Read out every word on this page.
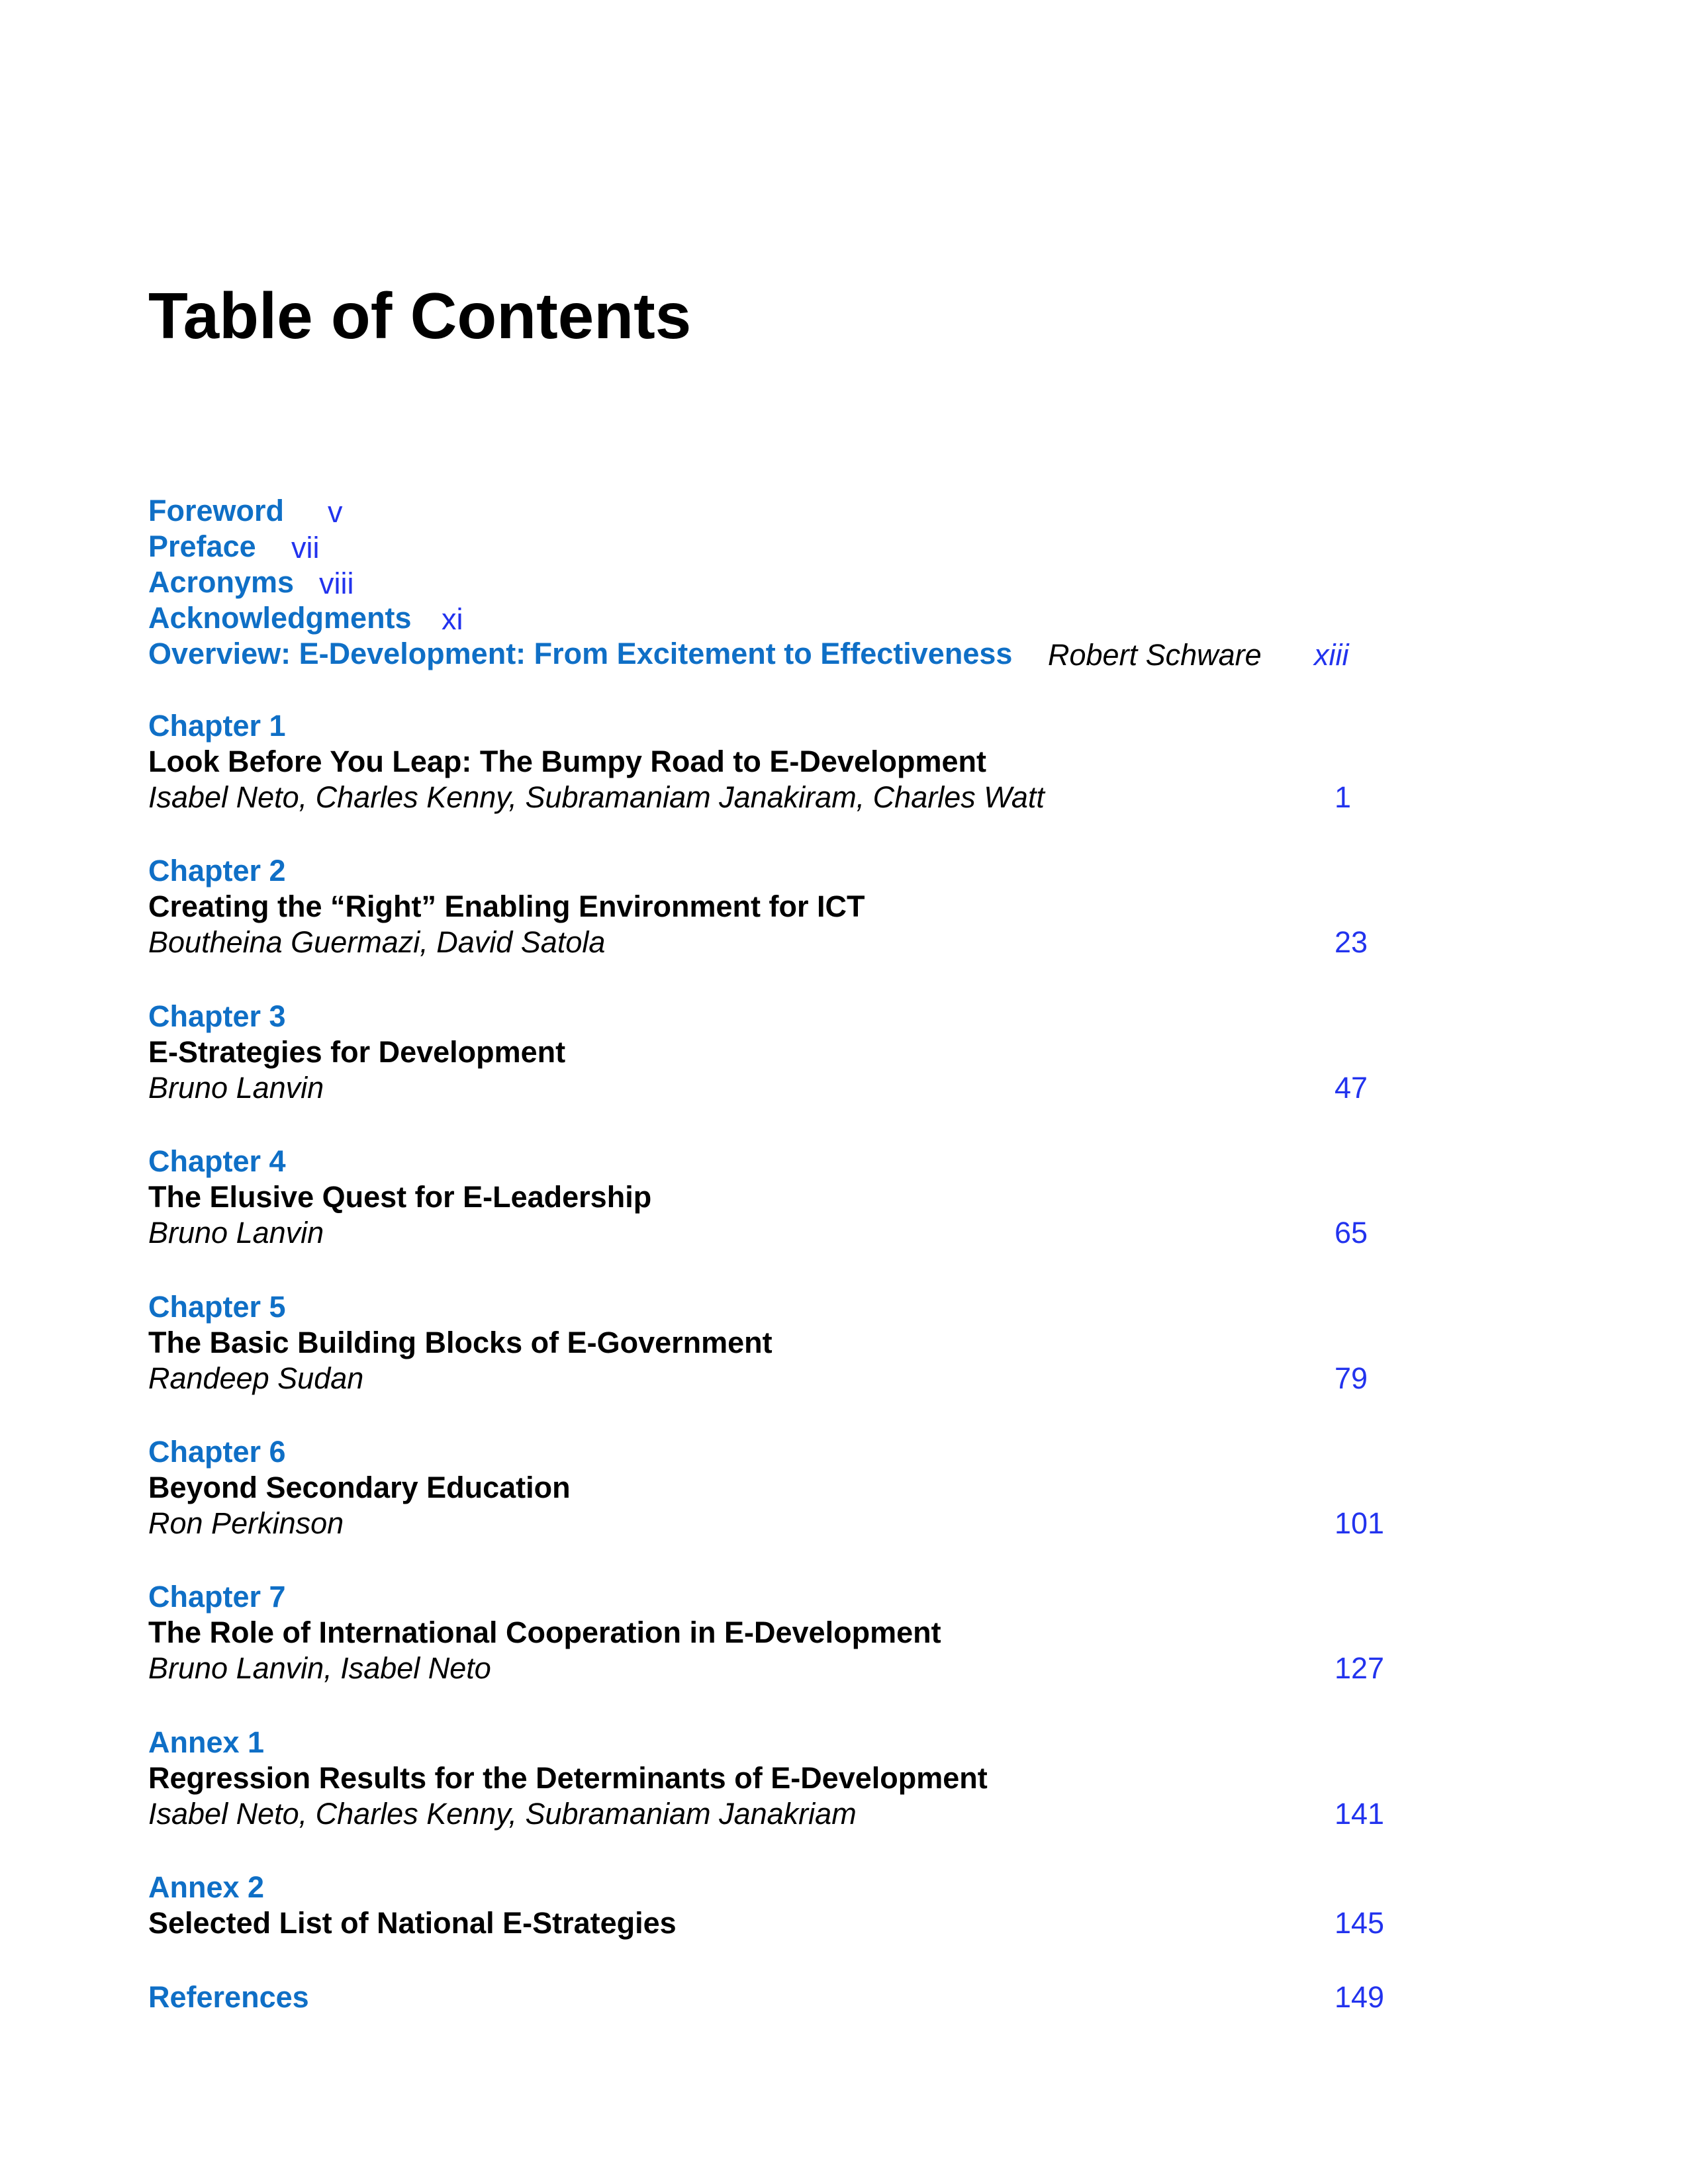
Table of Contents
Foreword v
Preface vii
Acronyms viii
Acknowledgments xi
Overview: E-Development: From Excitement to Effectiveness Robert Schware xiii
Chapter 1
Look Before You Leap: The Bumpy Road to E-Development
Isabel Neto, Charles Kenny, Subramaniam Janakiram, Charles Watt	1
Chapter 2
Creating the “Right” Enabling Environment for ICT
Boutheina Guermazi, David Satola	23
Chapter 3
E-Strategies for Development
Bruno Lanvin	47
Chapter 4
The Elusive Quest for E-Leadership
Bruno Lanvin	65
Chapter 5
The Basic Building Blocks of E-Government
Randeep Sudan	79
Chapter 6
Beyond Secondary Education
Ron Perkinson	101
Chapter 7
The Role of International Cooperation in E-Development
Bruno Lanvin, Isabel Neto	127
Annex 1
Regression Results for the Determinants of E-Development
Isabel Neto, Charles Kenny, Subramaniam Janakriam	141
Annex 2
Selected List of National E-Strategies	145
References	149
